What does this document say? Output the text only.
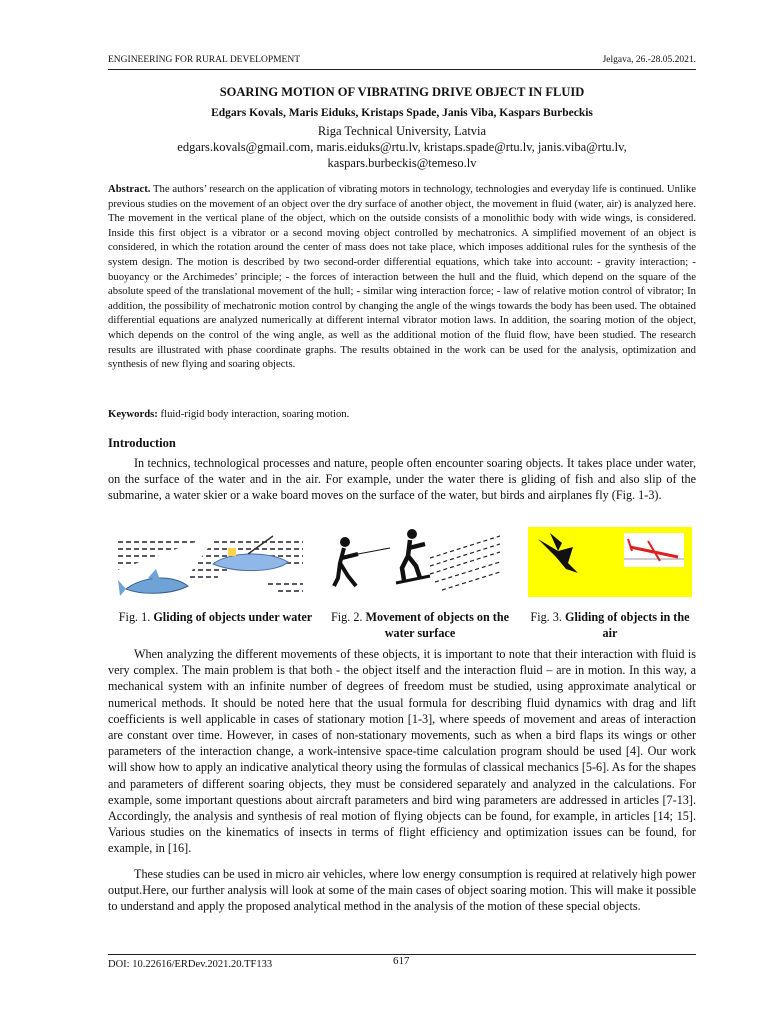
ENGINEERING FOR RURAL DEVELOPMENT	Jelgava, 26.-28.05.2021.
SOARING MOTION OF VIBRATING DRIVE OBJECT IN FLUID
Edgars Kovals, Maris Eiduks, Kristaps Spade, Janis Viba, Kaspars Burbeckis
Riga Technical University, Latvia
edgars.kovals@gmail.com, maris.eiduks@rtu.lv, kristaps.spade@rtu.lv, janis.viba@rtu.lv,
kaspars.burbeckis@temeso.lv
Abstract. The authors’ research on the application of vibrating motors in technology, technologies and everyday life is continued. Unlike previous studies on the movement of an object over the dry surface of another object, the movement in fluid (water, air) is analyzed here. The movement in the vertical plane of the object, which on the outside consists of a monolithic body with wide wings, is considered. Inside this first object is a vibrator or a second moving object controlled by mechatronics. A simplified movement of an object is considered, in which the rotation around the center of mass does not take place, which imposes additional rules for the synthesis of the system design. The motion is described by two second-order differential equations, which take into account: - gravity interaction; - buoyancy or the Archimedes’ principle; - the forces of interaction between the hull and the fluid, which depend on the square of the absolute speed of the translational movement of the hull; - similar wing interaction force; - law of relative motion control of vibrator; In addition, the possibility of mechatronic motion control by changing the angle of the wings towards the body has been used. The obtained differential equations are analyzed numerically at different internal vibrator motion laws. In addition, the soaring motion of the object, which depends on the control of the wing angle, as well as the additional motion of the fluid flow, have been studied. The research results are illustrated with phase coordinate graphs. The results obtained in the work can be used for the analysis, optimization and synthesis of new flying and soaring objects.
Keywords: fluid-rigid body interaction, soaring motion.
Introduction
In technics, technological processes and nature, people often encounter soaring objects. It takes place under water, on the surface of the water and in the air. For example, under the water there is gliding of fish and also slip of the submarine, a water skier or a wake board moves on the surface of the water, but birds and airplanes fly (Fig. 1-3).
Fig. 1. Gliding of objects under water Fig. 2. Movement of objects on the water surface
Fig. 3. Gliding of objects in the air
When analyzing the different movements of these objects, it is important to note that their interaction with fluid is very complex. The main problem is that both - the object itself and the interaction fluid – are in motion. In this way, a mechanical system with an infinite number of degrees of freedom must be studied, using approximate analytical or numerical methods. It should be noted here that the usual formula for describing fluid dynamics with drag and lift coefficients is well applicable in cases of stationary motion [1-3], where speeds of movement and areas of interaction are constant over time. However, in cases of non-stationary movements, such as when a bird flaps its wings or other parameters of the interaction change, a work-intensive space-time calculation program should be used [4]. Our work will show how to apply an indicative analytical theory using the formulas of classical mechanics [5-6]. As for the shapes and parameters of different soaring objects, they must be considered separately and analyzed in the calculations. For example, some important questions about aircraft parameters and bird wing parameters are addressed in articles [7-13]. Accordingly, the analysis and synthesis of real motion of flying objects can be found, for example, in articles [14; 15]. Various studies on the kinematics of insects in terms of flight efficiency and optimization issues can be found, for example, in [16].
These studies can be used in micro air vehicles, where low energy consumption is required at relatively high power output.Here, our further analysis will look at some of the main cases of object soaring motion. This will make it possible to understand and apply the proposed analytical method in the analysis of the motion of these special objects.
DOI: 10.22616/ERDev.2021.20.TF133	617
